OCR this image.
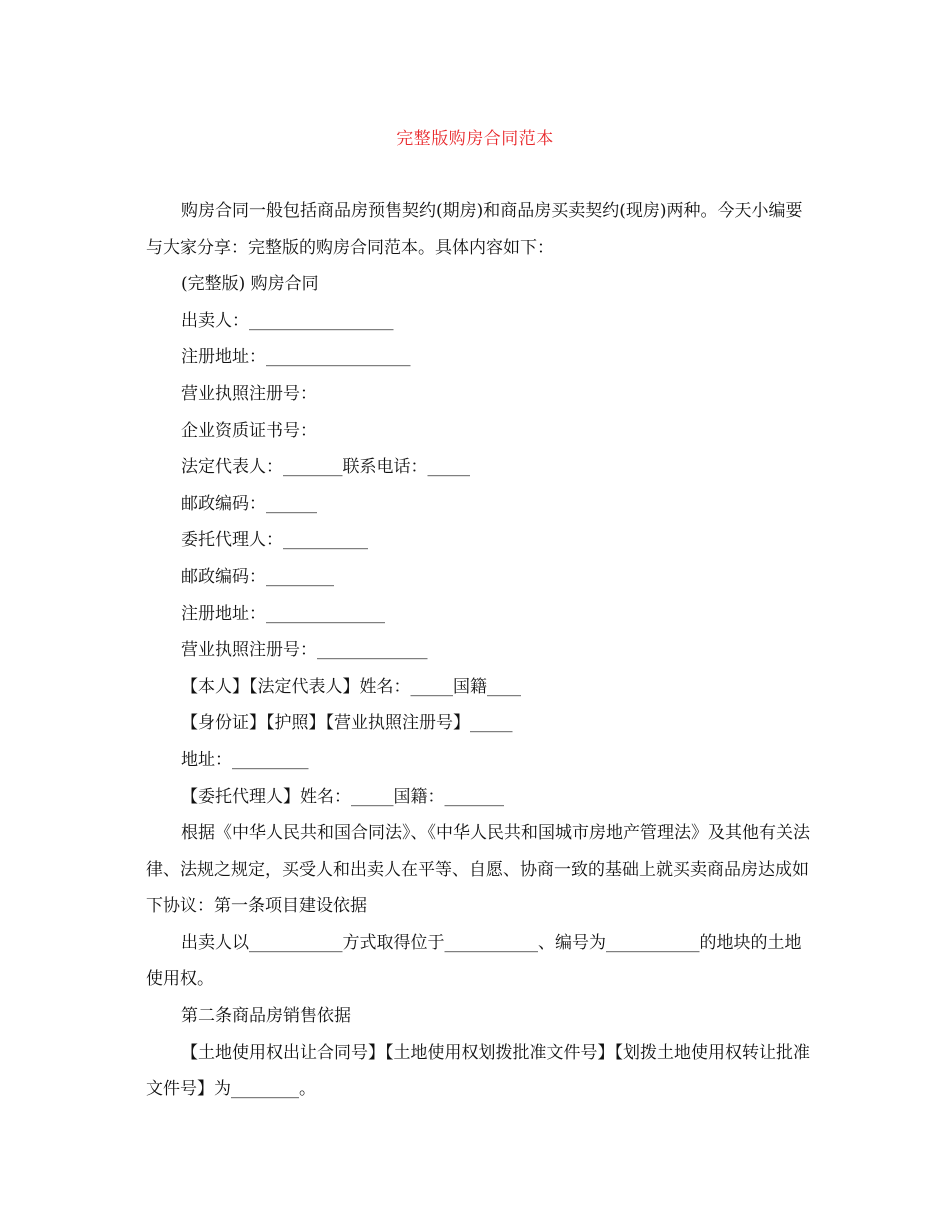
完整版购房合同范本

购房合同一般包括商品房预售契约(期房)和商品房买卖契约(现房)两种。今天小编要与大家分享：完整版的购房合同范本。具体内容如下：

(完整版) 购房合同

出卖人：_________________

注册地址：_________________

营业执照注册号：

企业资质证书号：

法定代表人：_______联系电话：_____

邮政编码：______

委托代理人：__________

邮政编码：________

注册地址：______________

营业执照注册号：_____________

【本人】【法定代表人】姓名：_____国籍____

【身份证】【护照】【营业执照注册号】_____

地址：_________

【委托代理人】姓名：_____国籍：_______

根据《中华人民共和国合同法》、《中华人民共和国城市房地产管理法》及其他有关法律、法规之规定，买受人和出卖人在平等、自愿、协商一致的基础上就买卖商品房达成如下协议：第一条项目建设依据

出卖人以___________方式取得位于___________、编号为___________的地块的土地使用权。

第二条商品房销售依据

【土地使用权出让合同号】【土地使用权划拨批准文件号】【划拨土地使用权转让批准文件号】为________。
